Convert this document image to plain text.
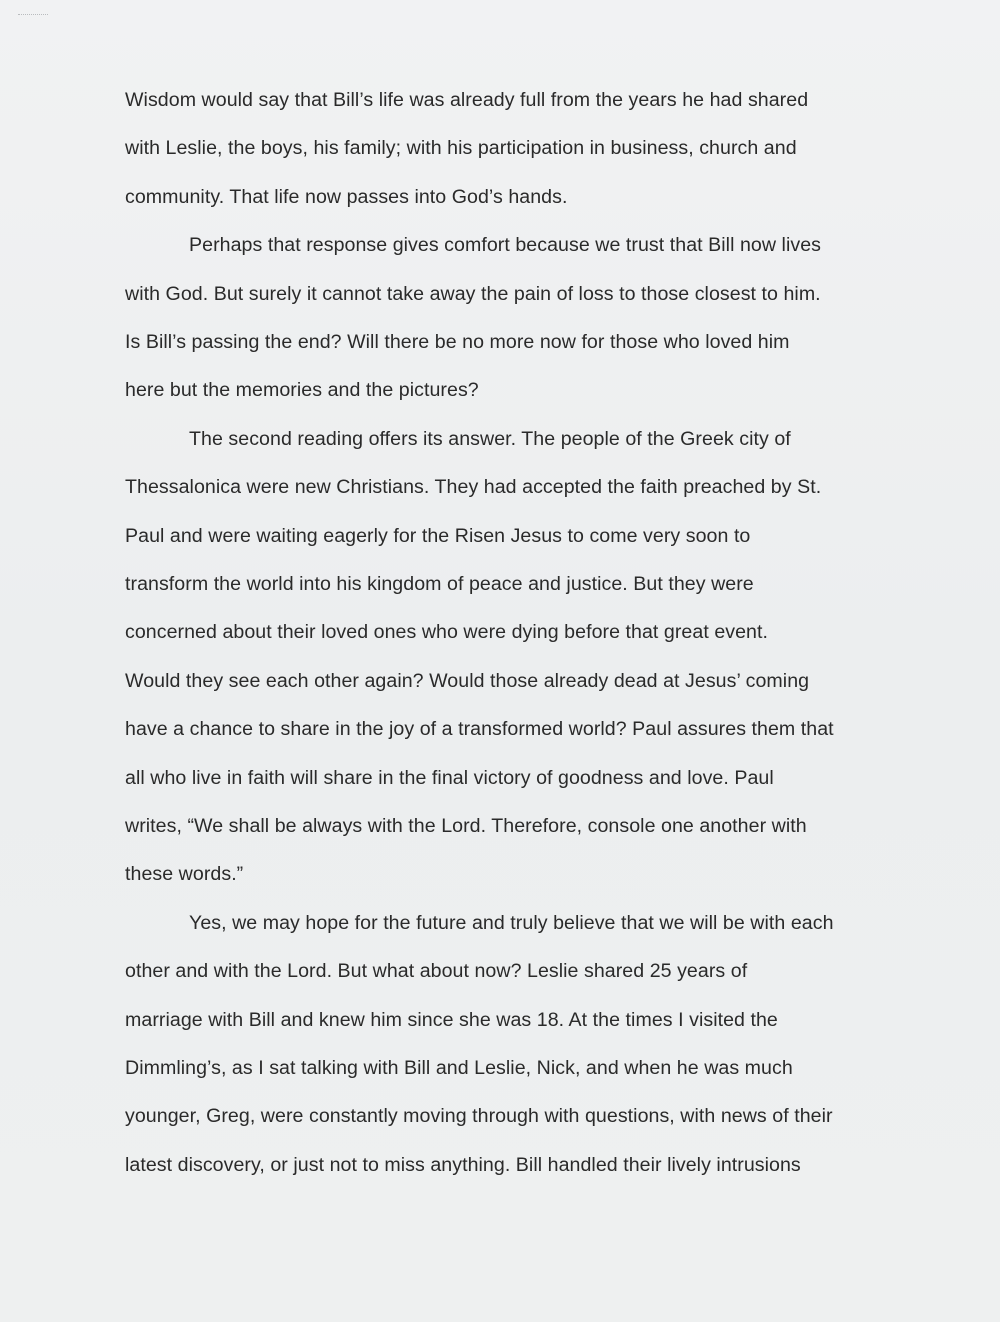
Wisdom would say that Bill’s life was already full from the years he had shared
with Leslie, the boys, his family; with his participation in business, church and
community. That life now passes into God’s hands.
Perhaps that response gives comfort because we trust that Bill now lives
with God. But surely it cannot take away the pain of loss to those closest to him.
Is Bill’s passing the end? Will there be no more now for those who loved him
here but the memories and the pictures?
The second reading offers its answer. The people of the Greek city of
Thessalonica were new Christians. They had accepted the faith preached by St.
Paul and were waiting eagerly for the Risen Jesus to come very soon to
transform the world into his kingdom of peace and justice. But they were
concerned about their loved ones who were dying before that great event.
Would they see each other again? Would those already dead at Jesus’ coming
have a chance to share in the joy of a transformed world? Paul assures them that
all who live in faith will share in the final victory of goodness and love. Paul
writes, “We shall be always with the Lord. Therefore, console one another with
these words.”
Yes, we may hope for the future and truly believe that we will be with each
other and with the Lord. But what about now? Leslie shared 25 years of
marriage with Bill and knew him since she was 18. At the times I visited the
Dimmling’s, as I sat talking with Bill and Leslie, Nick, and when he was much
younger, Greg, were constantly moving through with questions, with news of their
latest discovery, or just not to miss anything. Bill handled their lively intrusions
